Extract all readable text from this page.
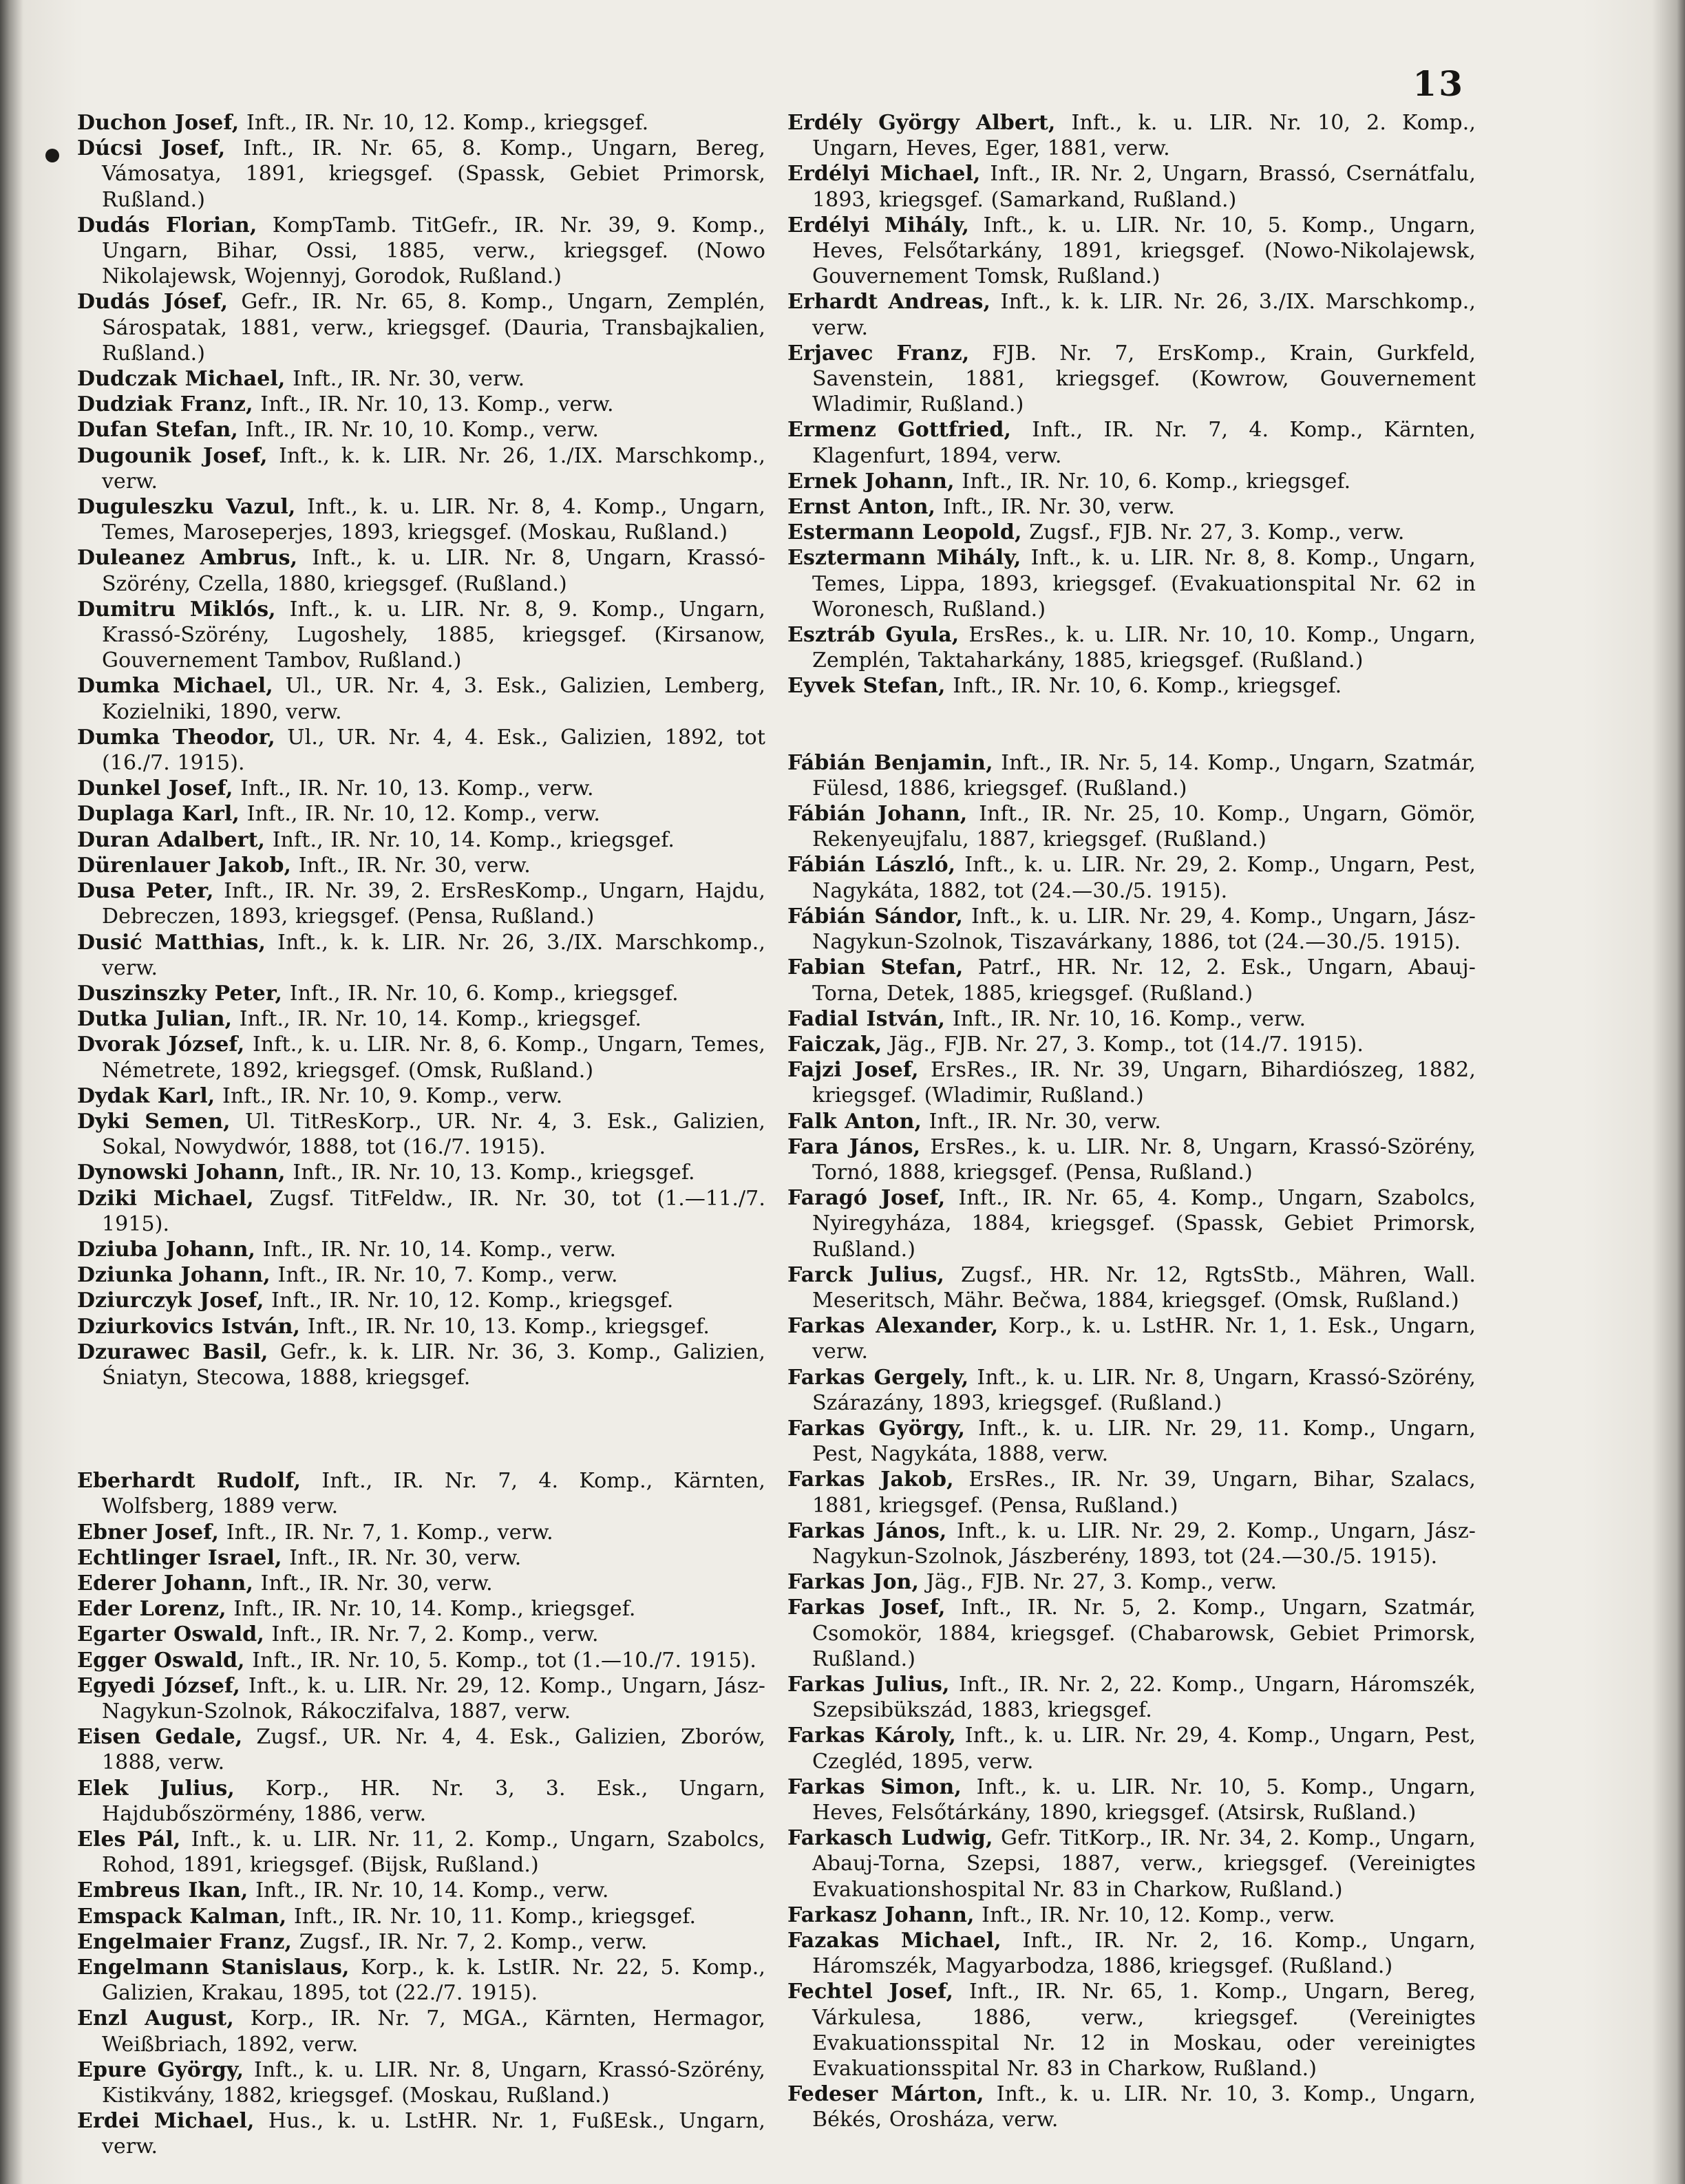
13

Duchon Josef, Inft., IR. Nr. 10, 12. Komp., kriegsgef.

Dúcsi Josef, Inft., IR. Nr. 65, 8. Komp., Ungarn, Bereg, Vámosatya, 1891, kriegsgef. (Spassk, Gebiet Primorsk, Rußland.)

Dudás Florian, KompTamb. TitGefr., IR. Nr. 39, 9. Komp., Ungarn, Bihar, Ossi, 1885, verw., kriegsgef. (Nowo Nikolajewsk, Wojennyj, Gorodok, Rußland.)

Dudás Jósef, Gefr., IR. Nr. 65, 8. Komp., Ungarn, Zemplén, Sárospatak, 1881, verw., kriegsgef. (Dauria, Transbajkalien, Rußland.)

Dudczak Michael, Inft., IR. Nr. 30, verw.

Dudziak Franz, Inft., IR. Nr. 10, 13. Komp., verw.

Dufan Stefan, Inft., IR. Nr. 10, 10. Komp., verw.

Dugounik Josef, Inft., k. k. LIR. Nr. 26, 1./IX. Marschkomp., verw.

Duguleszku Vazul, Inft., k. u. LIR. Nr. 8, 4. Komp., Ungarn, Temes, Maroseperjes, 1893, kriegsgef. (Moskau, Rußland.)

Duleanez Ambrus, Inft., k. u. LIR. Nr. 8, Ungarn, Krassó-Szörény, Czella, 1880, kriegsgef. (Rußland.)

Dumitru Miklós, Inft., k. u. LIR. Nr. 8, 9. Komp., Ungarn, Krassó-Szörény, Lugoshely, 1885, kriegsgef. (Kirsanow, Gouvernement Tambov, Rußland.)

Dumka Michael, Ul., UR. Nr. 4, 3. Esk., Galizien, Lemberg, Kozielniki, 1890, verw.

Dumka Theodor, Ul., UR. Nr. 4, 4. Esk., Galizien, 1892, tot (16./7. 1915).

Dunkel Josef, Inft., IR. Nr. 10, 13. Komp., verw.

Duplaga Karl, Inft., IR. Nr. 10, 12. Komp., verw.

Duran Adalbert, Inft., IR. Nr. 10, 14. Komp., kriegsgef.

Dürenlauer Jakob, Inft., IR. Nr. 30, verw.

Dusa Peter, Inft., IR. Nr. 39, 2. ErsResKomp., Ungarn, Hajdu, Debreczen, 1893, kriegsgef. (Pensa, Rußland.)

Dusić Matthias, Inft., k. k. LIR. Nr. 26, 3./IX. Marschkomp., verw.

Duszinszky Peter, Inft., IR. Nr. 10, 6. Komp., kriegsgef.

Dutka Julian, Inft., IR. Nr. 10, 14. Komp., kriegsgef.

Dvorak József, Inft., k. u. LIR. Nr. 8, 6. Komp., Ungarn, Temes, Németrete, 1892, kriegsgef. (Omsk, Rußland.)

Dydak Karl, Inft., IR. Nr. 10, 9. Komp., verw.

Dyki Semen, Ul. TitResKorp., UR. Nr. 4, 3. Esk., Galizien, Sokal, Nowydwór, 1888, tot (16./7. 1915).

Dynowski Johann, Inft., IR. Nr. 10, 13. Komp., kriegsgef.

Dziki Michael, Zugsf. TitFeldw., IR. Nr. 30, tot (1.—11./7. 1915).

Dziuba Johann, Inft., IR. Nr. 10, 14. Komp., verw.

Dziunka Johann, Inft., IR. Nr. 10, 7. Komp., verw.

Dziurczyk Josef, Inft., IR. Nr. 10, 12. Komp., kriegsgef.

Dziurkovics István, Inft., IR. Nr. 10, 13. Komp., kriegsgef.

Dzurawec Basil, Gefr., k. k. LIR. Nr. 36, 3. Komp., Galizien, Śniatyn, Stecowa, 1888, kriegsgef.

Eberhardt Rudolf, Inft., IR. Nr. 7, 4. Komp., Kärnten, Wolfsberg, 1889 verw.

Ebner Josef, Inft., IR. Nr. 7, 1. Komp., verw.

Echtlinger Israel, Inft., IR. Nr. 30, verw.

Ederer Johann, Inft., IR. Nr. 30, verw.

Eder Lorenz, Inft., IR. Nr. 10, 14. Komp., kriegsgef.

Egarter Oswald, Inft., IR. Nr. 7, 2. Komp., verw.

Egger Oswald, Inft., IR. Nr. 10, 5. Komp., tot (1.—10./7. 1915).

Egyedi József, Inft., k. u. LIR. Nr. 29, 12. Komp., Ungarn, Jász-Nagykun-Szolnok, Rákoczifalva, 1887, verw.

Eisen Gedale, Zugsf., UR. Nr. 4, 4. Esk., Galizien, Zborów, 1888, verw.

Elek Julius, Korp., HR. Nr. 3, 3. Esk., Ungarn, Hajdubőszörmény, 1886, verw.

Eles Pál, Inft., k. u. LIR. Nr. 11, 2. Komp., Ungarn, Szabolcs, Rohod, 1891, kriegsgef. (Bijsk, Rußland.)

Embreus Ikan, Inft., IR. Nr. 10, 14. Komp., verw.

Emspack Kalman, Inft., IR. Nr. 10, 11. Komp., kriegsgef.

Engelmaier Franz, Zugsf., IR. Nr. 7, 2. Komp., verw.

Engelmann Stanislaus, Korp., k. k. LstIR. Nr. 22, 5. Komp., Galizien, Krakau, 1895, tot (22./7. 1915).

Enzl August, Korp., IR. Nr. 7, MGA., Kärnten, Hermagor, Weißbriach, 1892, verw.

Epure György, Inft., k. u. LIR. Nr. 8, Ungarn, Krassó-Szörény, Kistikvány, 1882, kriegsgef. (Moskau, Rußland.)

Erdei Michael, Hus., k. u. LstHR. Nr. 1, FußEsk., Ungarn, verw.

Erdély György Albert, Inft., k. u. LIR. Nr. 10, 2. Komp., Ungarn, Heves, Eger, 1881, verw.

Erdélyi Michael, Inft., IR. Nr. 2, Ungarn, Brassó, Csernátfalu, 1893, kriegsgef. (Samarkand, Rußland.)

Erdélyi Mihály, Inft., k. u. LIR. Nr. 10, 5. Komp., Ungarn, Heves, Felsőtarkány, 1891, kriegsgef. (Nowo-Nikolajewsk, Gouvernement Tomsk, Rußland.)

Erhardt Andreas, Inft., k. k. LIR. Nr. 26, 3./IX. Marschkomp., verw.

Erjavec Franz, FJB. Nr. 7, ErsKomp., Krain, Gurkfeld, Savenstein, 1881, kriegsgef. (Kowrow, Gouvernement Wladimir, Rußland.)

Ermenz Gottfried, Inft., IR. Nr. 7, 4. Komp., Kärnten, Klagenfurt, 1894, verw.

Ernek Johann, Inft., IR. Nr. 10, 6. Komp., kriegsgef.

Ernst Anton, Inft., IR. Nr. 30, verw.

Estermann Leopold, Zugsf., FJB. Nr. 27, 3. Komp., verw.

Esztermann Mihály, Inft., k. u. LIR. Nr. 8, 8. Komp., Ungarn, Temes, Lippa, 1893, kriegsgef. (Evakuationspital Nr. 62 in Woronesch, Rußland.)

Esztráb Gyula, ErsRes., k. u. LIR. Nr. 10, 10. Komp., Ungarn, Zemplén, Taktaharkány, 1885, kriegsgef. (Rußland.)

Eyvek Stefan, Inft., IR. Nr. 10, 6. Komp., kriegsgef.

Fábián Benjamin, Inft., IR. Nr. 5, 14. Komp., Ungarn, Szatmár, Fülesd, 1886, kriegsgef. (Rußland.)

Fábián Johann, Inft., IR. Nr. 25, 10. Komp., Ungarn, Gömör, Rekenyeujfalu, 1887, kriegsgef. (Rußland.)

Fábián László, Inft., k. u. LIR. Nr. 29, 2. Komp., Ungarn, Pest, Nagykáta, 1882, tot (24.—30./5. 1915).

Fábián Sándor, Inft., k. u. LIR. Nr. 29, 4. Komp., Ungarn, Jász-Nagykun-Szolnok, Tiszavárkany, 1886, tot (24.—30./5. 1915).

Fabian Stefan, Patrf., HR. Nr. 12, 2. Esk., Ungarn, Abauj-Torna, Detek, 1885, kriegsgef. (Rußland.)

Fadial István, Inft., IR. Nr. 10, 16. Komp., verw.

Faiczak, Jäg., FJB. Nr. 27, 3. Komp., tot (14./7. 1915).

Fajzi Josef, ErsRes., IR. Nr. 39, Ungarn, Bihardiószeg, 1882, kriegsgef. (Wladimir, Rußland.)

Falk Anton, Inft., IR. Nr. 30, verw.

Fara János, ErsRes., k. u. LIR. Nr. 8, Ungarn, Krassó-Szörény, Tornó, 1888, kriegsgef. (Pensa, Rußland.)

Faragó Josef, Inft., IR. Nr. 65, 4. Komp., Ungarn, Szabolcs, Nyiregyháza, 1884, kriegsgef. (Spassk, Gebiet Primorsk, Rußland.)

Farck Julius, Zugsf., HR. Nr. 12, RgtsStb., Mähren, Wall. Meseritsch, Mähr. Bečwa, 1884, kriegsgef. (Omsk, Rußland.)

Farkas Alexander, Korp., k. u. LstHR. Nr. 1, 1. Esk., Ungarn, verw.

Farkas Gergely, Inft., k. u. LIR. Nr. 8, Ungarn, Krassó-Szörény, Szárazány, 1893, kriegsgef. (Rußland.)

Farkas György, Inft., k. u. LIR. Nr. 29, 11. Komp., Ungarn, Pest, Nagykáta, 1888, verw.

Farkas Jakob, ErsRes., IR. Nr. 39, Ungarn, Bihar, Szalacs, 1881, kriegsgef. (Pensa, Rußland.)

Farkas János, Inft., k. u. LIR. Nr. 29, 2. Komp., Ungarn, Jász-Nagykun-Szolnok, Jászberény, 1893, tot (24.—30./5. 1915).

Farkas Jon, Jäg., FJB. Nr. 27, 3. Komp., verw.

Farkas Josef, Inft., IR. Nr. 5, 2. Komp., Ungarn, Szatmár, Csomokör, 1884, kriegsgef. (Chabarowsk, Gebiet Primorsk, Rußland.)

Farkas Julius, Inft., IR. Nr. 2, 22. Komp., Ungarn, Háromszék, Szepsibükszád, 1883, kriegsgef.

Farkas Károly, Inft., k. u. LIR. Nr. 29, 4. Komp., Ungarn, Pest, Czegléd, 1895, verw.

Farkas Simon, Inft., k. u. LIR. Nr. 10, 5. Komp., Ungarn, Heves, Felsőtárkány, 1890, kriegsgef. (Atsirsk, Rußland.)

Farkasch Ludwig, Gefr. TitKorp., IR. Nr. 34, 2. Komp., Ungarn, Abauj-Torna, Szepsi, 1887, verw., kriegsgef. (Vereinigtes Evakuationshospital Nr. 83 in Charkow, Rußland.)

Farkasz Johann, Inft., IR. Nr. 10, 12. Komp., verw.

Fazakas Michael, Inft., IR. Nr. 2, 16. Komp., Ungarn, Háromszék, Magyarbodza, 1886, kriegsgef. (Rußland.)

Fechtel Josef, Inft., IR. Nr. 65, 1. Komp., Ungarn, Bereg, Várkulesa, 1886, verw., kriegsgef. (Vereinigtes Evakuationsspital Nr. 12 in Moskau, oder vereinigtes Evakuationsspital Nr. 83 in Charkow, Rußland.)

Fedeser Márton, Inft., k. u. LIR. Nr. 10, 3. Komp., Ungarn, Békés, Orosháza, verw.
